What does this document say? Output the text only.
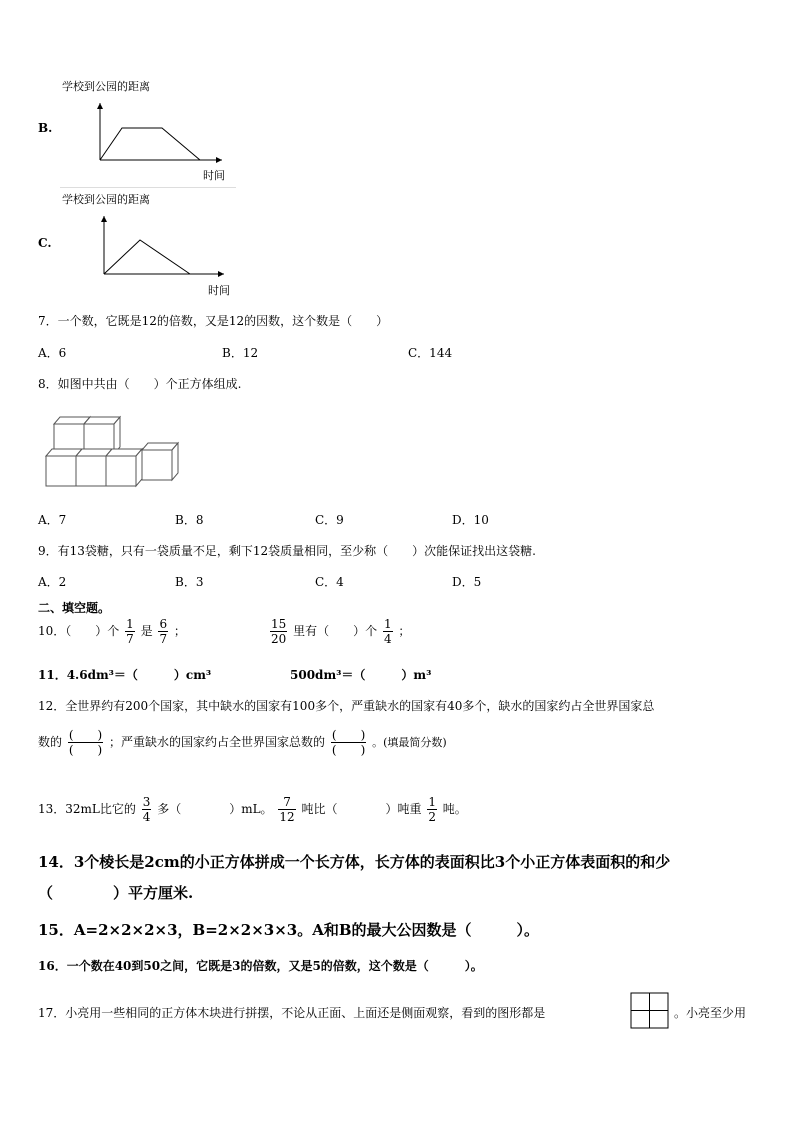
学校到公园的距离
B.
时间
学校到公园的距离
C.
时间
7．一个数，它既是12的倍数，又是12的因数，这个数是（　　）
A．6	B．12	C．144
8．如图中共由（　　）个正方体组成.
A．7	B．8	C．9	D．10
9．有13袋糖，只有一袋质量不足，剩下12袋质量相同，至少称（　　）次能保证找出这袋糖.
A．2	B．3	C．4	D．5
二、填空题。
10．（　　）个 $\frac{1}{7}$ 是 $\frac{6}{7}$ ；	$\frac{15}{20}$ 里有（　　）个 $\frac{1}{4}$ ；
11．4.6dm³＝（　　　）cm³	500dm³＝（　　　）m³
12．全世界约有200个国家，其中缺水的国家有100多个，严重缺水的国家有40多个，缺水的国家约占全世界国家总
数的 $\frac{( )}{( )}$ ；严重缺水的国家约占全世界国家总数的 $\frac{( )}{( )}$ 。(填最简分数)
13．32mL比它的 $\frac{3}{4}$ 多（　　　　）mL。 $\frac{7}{12}$ 吨比（　　　　）吨重 $\frac{1}{2}$ 吨。
14．3个棱长是2cm的小正方体拼成一个长方体，长方体的表面积比3个小正方体表面积的和少
（　　　　）平方厘米.
15．A=2×2×2×3，B=2×2×3×3。A和B的最大公因数是（　　　）。
16．一个数在40到50之间，它既是3的倍数，又是5的倍数，这个数是（　　　）。
17．小亮用一些相同的正方体木块进行拼摆，不论从正面、上面还是侧面观察，看到的图形都是	。小亮至少用
